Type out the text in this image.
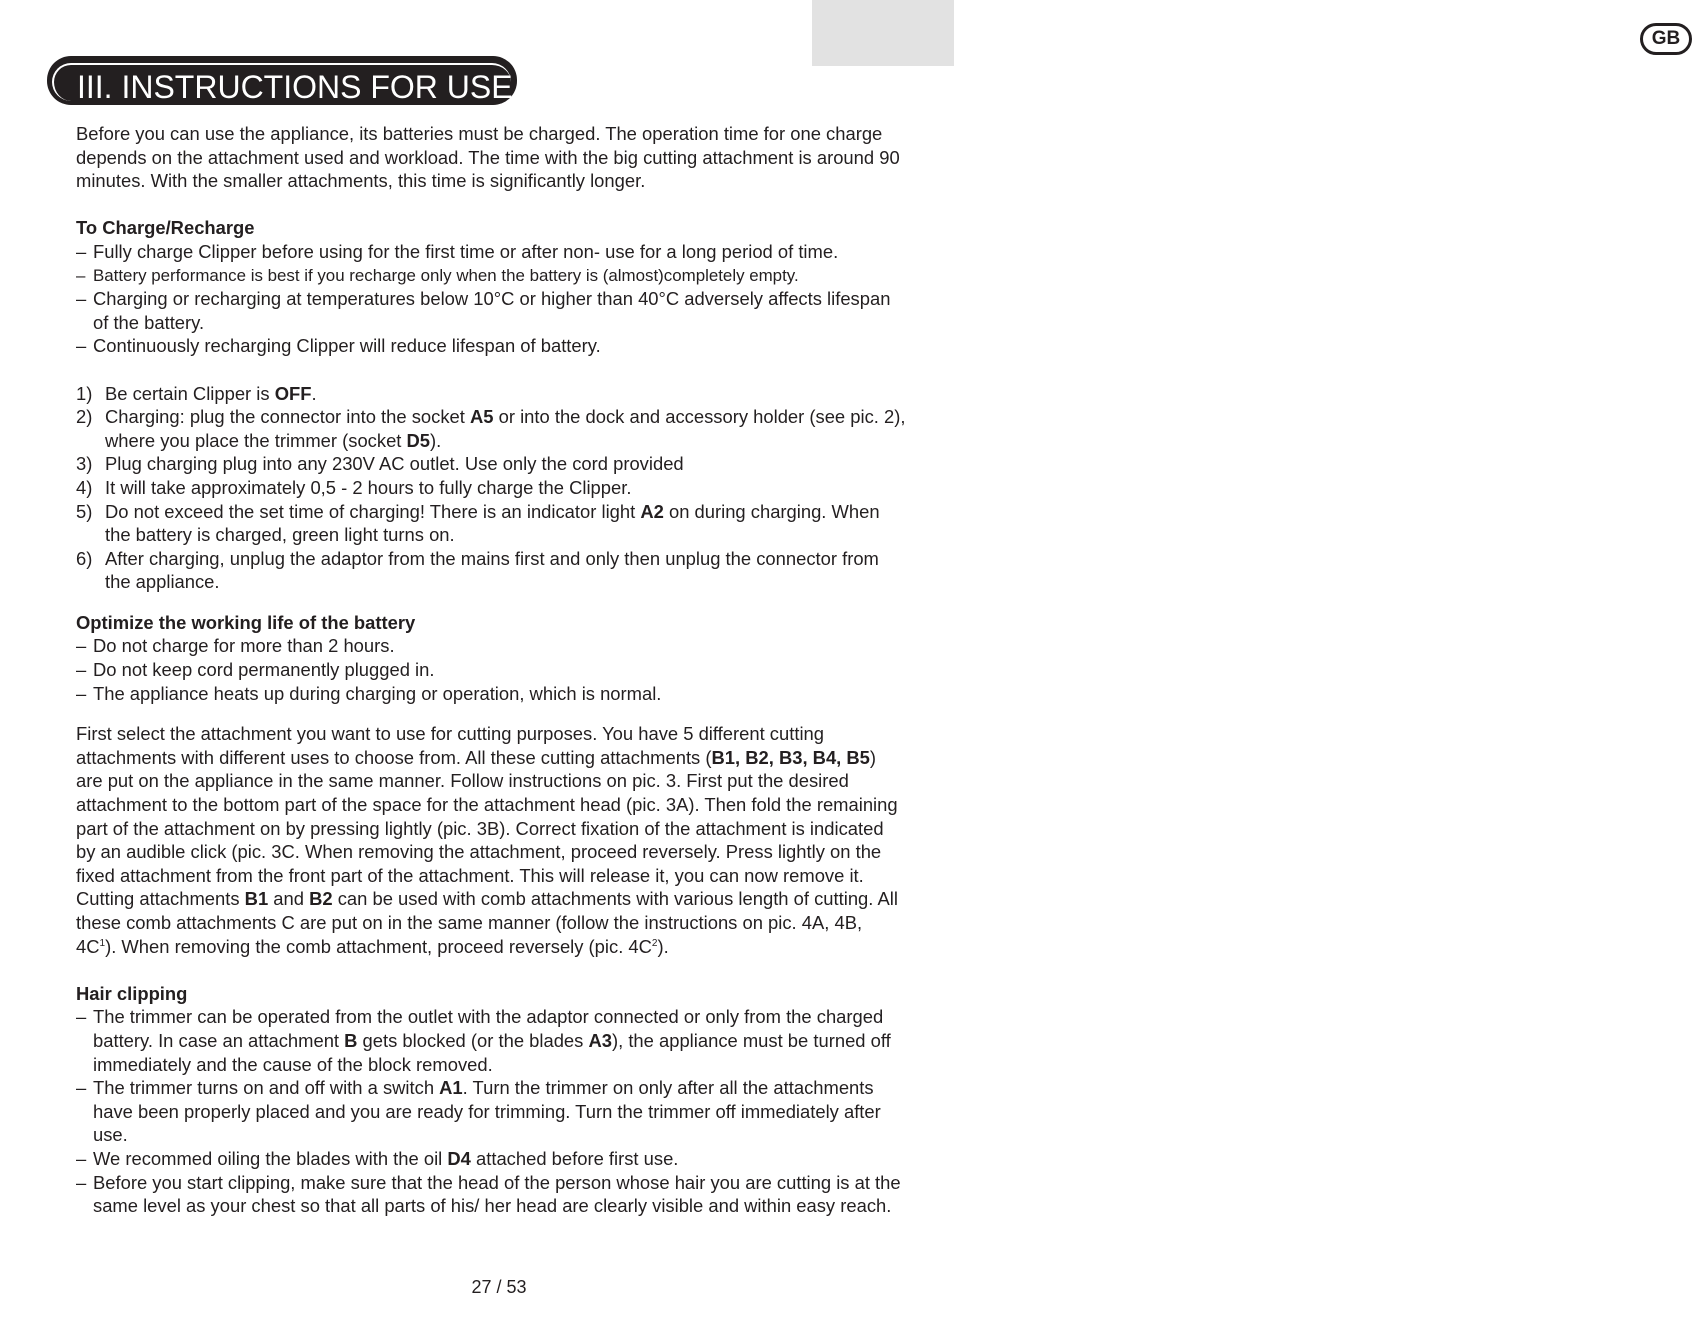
GB
III. INSTRUCTIONS FOR USE

Before you can use the appliance, its batteries must be charged. The operation time for one charge depends on the attachment used and workload. The time with the big cutting attachment is around 90 minutes. With the smaller attachments, this time is significantly longer.

To Charge/Recharge
– Fully charge Clipper before using for the first time or after non- use for a long period of time.
– Battery performance is best if you recharge only when the battery is (almost)completely empty.
– Charging or recharging at temperatures below 10°C or higher than 40°C adversely affects lifespan of the battery.
– Continuously recharging Clipper will reduce lifespan of battery.
1) Be certain Clipper is OFF.
2) Charging: plug the connector into the socket A5 or into the dock and accessory holder (see pic. 2), where you place the trimmer (socket D5).
3) Plug charging plug into any 230V AC outlet. Use only the cord provided
4) It will take approximately 0,5 - 2 hours to fully charge the Clipper.
5) Do not exceed the set time of charging! There is an indicator light A2 on during charging. When the battery is charged, green light turns on.
6) After charging, unplug the adaptor from the mains first and only then unplug the connector from the appliance.
Optimize the working life of the battery
– Do not charge for more than 2 hours.
– Do not keep cord permanently plugged in.
– The appliance heats up during charging or operation, which is normal.

First select the attachment you want to use for cutting purposes. You have 5 different cutting attachments with different uses to choose from. All these cutting attachments (B1, B2, B3, B4, B5) are put on the appliance in the same manner. Follow instructions on pic. 3. First put the desired attachment to the bottom part of the space for the attachment head (pic. 3A). Then fold the remaining part of the attachment on by pressing lightly (pic. 3B). Correct fixation of the attachment is indicated by an audible click (pic. 3C. When removing the attachment, proceed reversely. Press lightly on the fixed attachment from the front part of the attachment. This will release it, you can now remove it.

Cutting attachments B1 and B2 can be used with comb attachments with various length of cutting. All these comb attachments C are put on in the same manner (follow the instructions on pic. 4A, 4B, $4C^1$). When removing the comb attachment, proceed reversely (pic. $4C^2$).

Hair clipping
– The trimmer can be operated from the outlet with the adaptor connected or only from the charged battery. In case an attachment B gets blocked (or the blades A3), the appliance must be turned off immediately and the cause of the block removed.
– The trimmer turns on and off with a switch A1. Turn the trimmer on only after all the attachments have been properly placed and you are ready for trimming. Turn the trimmer off immediately after use.
– We recommed oiling the blades with the oil D4 attached before first use.
– Before you start clipping, make sure that the head of the person whose hair you are cutting is at the same level as your chest so that all parts of his/ her head are clearly visible and within easy reach.
27 / 53
